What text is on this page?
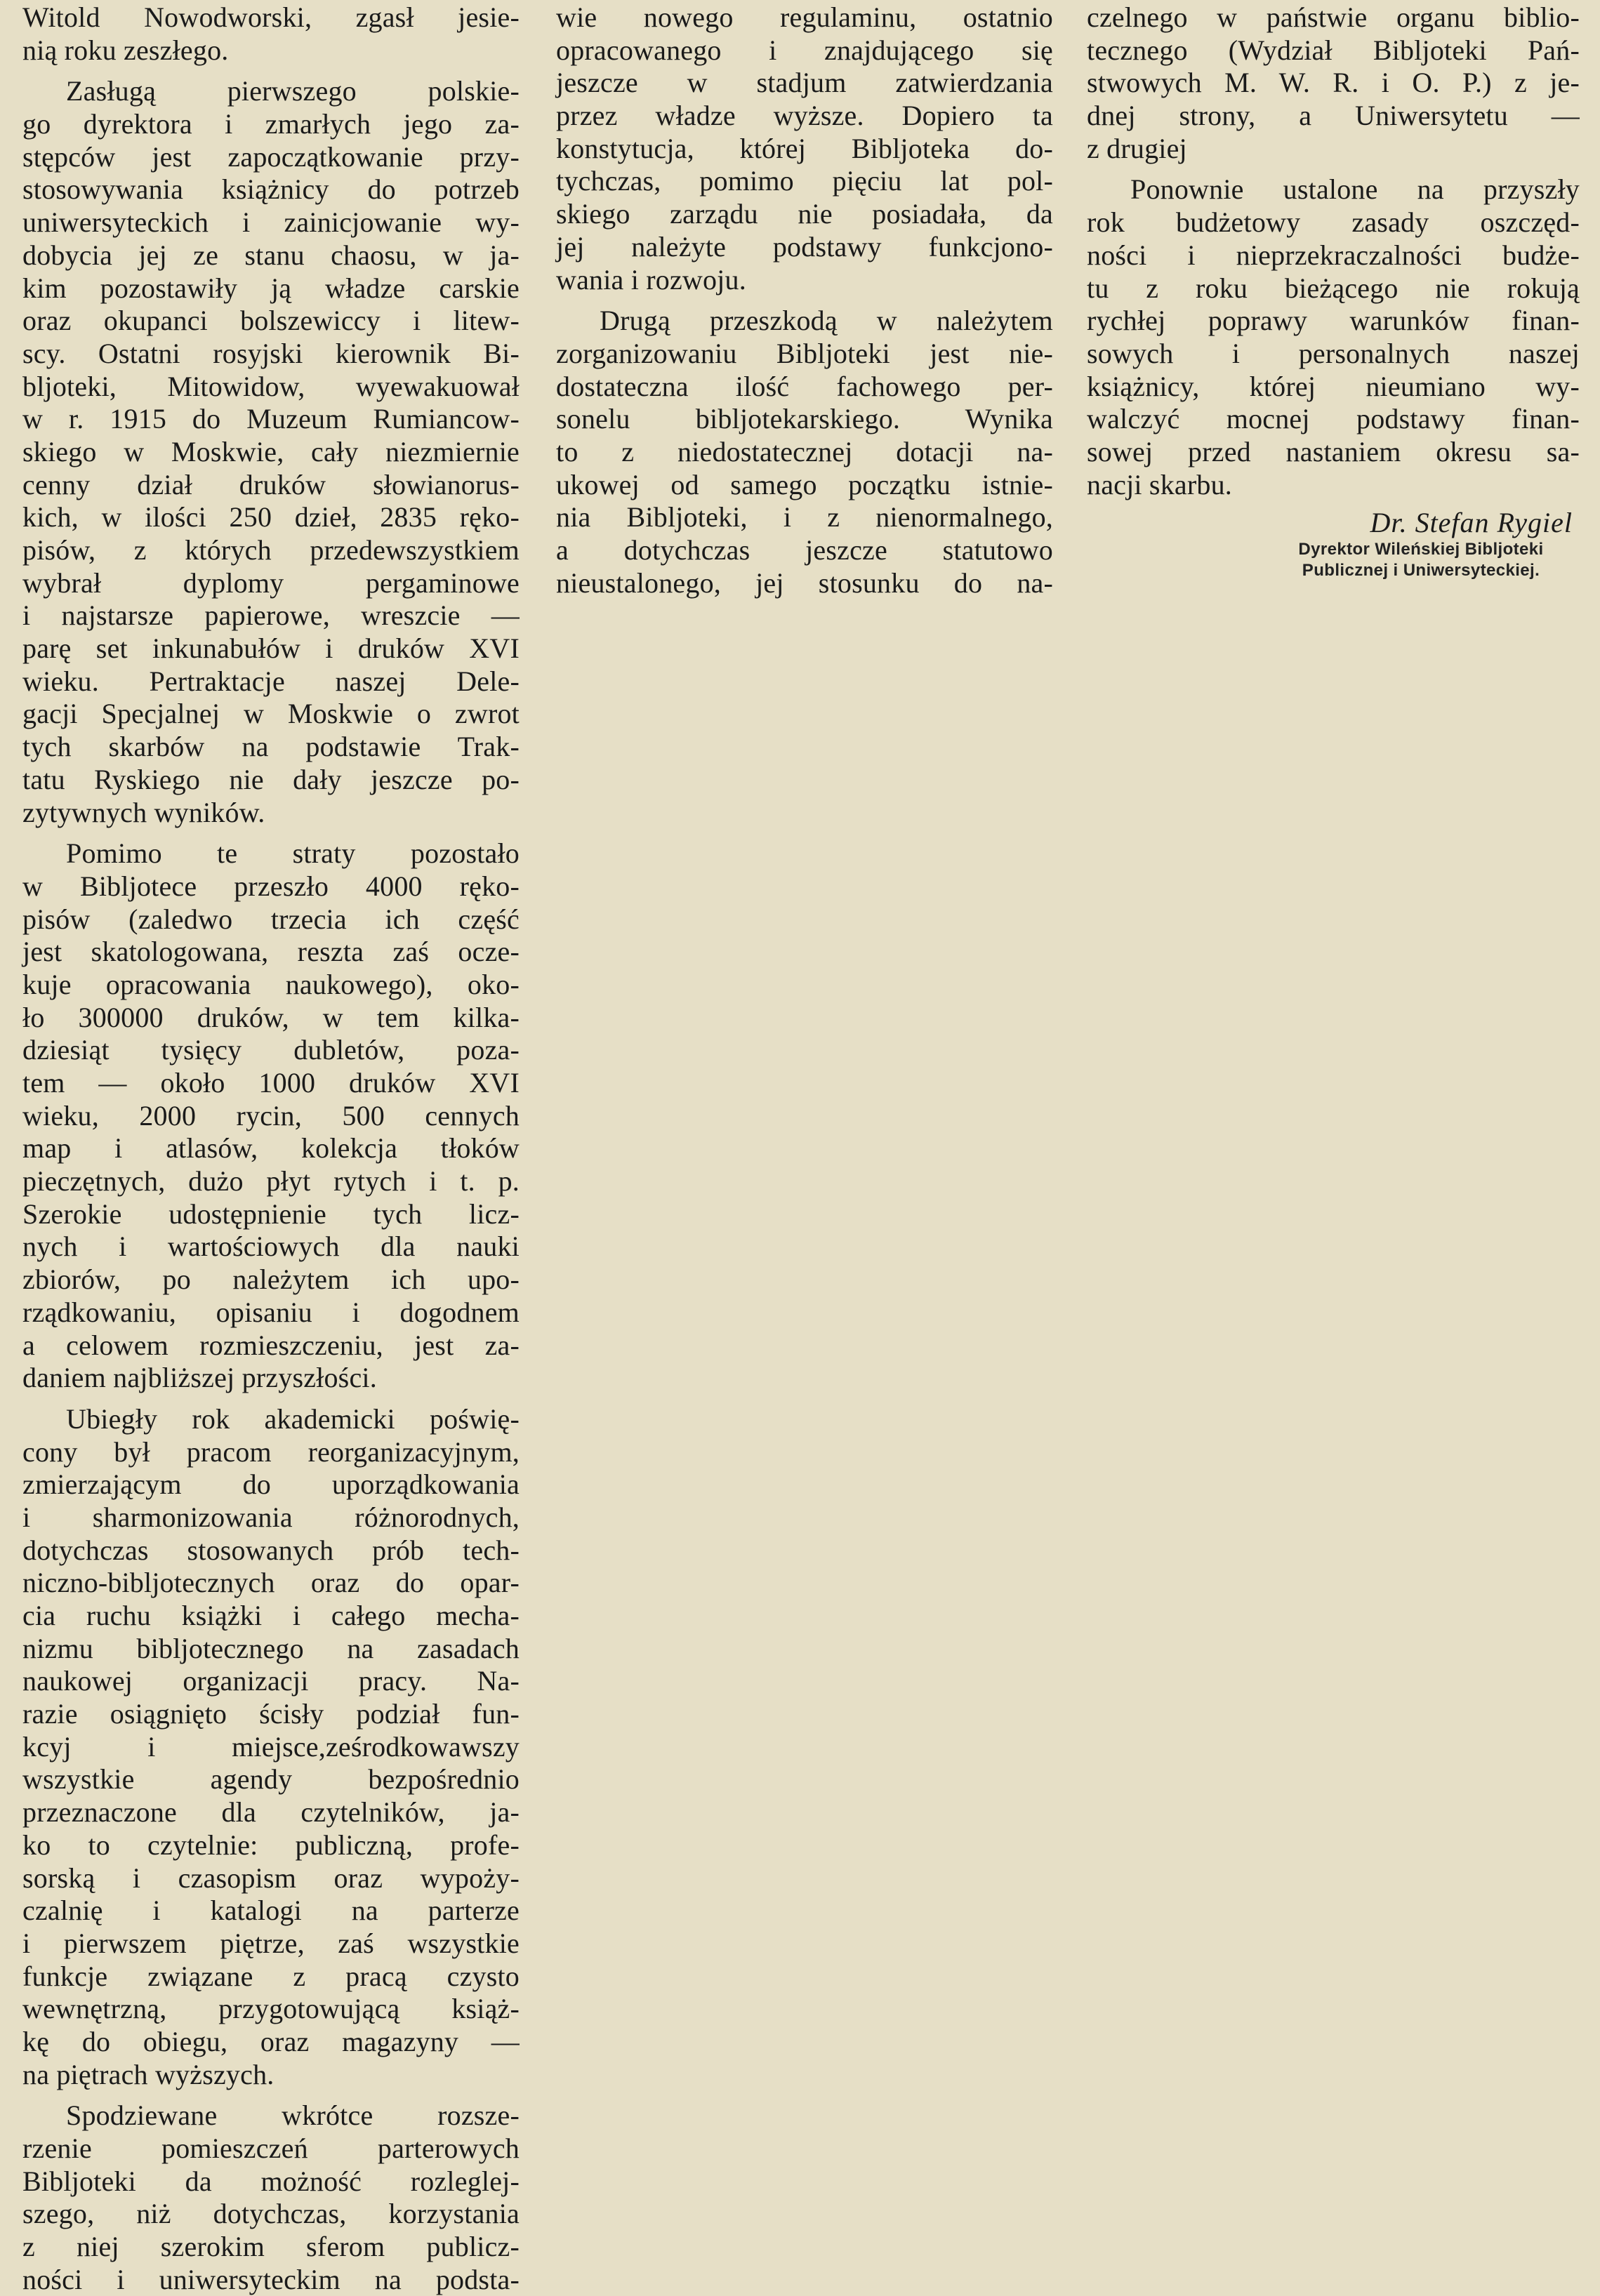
Witold Nowodworski, zgasł jesie-
nią roku zeszłego.
Zasługą pierwszego polskie-
go dyrektora i zmarłych jego za-
stępców jest zapoczątkowanie przy-
stosowywania książnicy do potrzeb
uniwersyteckich i zainicjowanie wy-
dobycia jej ze stanu chaosu, w ja-
kim pozostawiły ją władze carskie
oraz okupanci bolszewiccy i litew-
scy. Ostatni rosyjski kierownik Bi-
bljoteki, Mitowidow, wyewakuował
w r. 1915 do Muzeum Rumiancow-
skiego w Moskwie, cały niezmiernie
cenny dział druków słowianorus-
kich, w ilości 250 dzieł, 2835 ręko-
pisów, z których przedewszystkiem
wybrał dyplomy pergaminowe
i najstarsze papierowe, wreszcie —
parę set inkunabułów i druków XVI
wieku. Pertraktacje naszej Dele-
gacji Specjalnej w Moskwie o zwrot
tych skarbów na podstawie Trak-
tatu Ryskiego nie dały jeszcze po-
zytywnych wyników.
Pomimo te straty pozostało
w Bibljotece przeszło 4000 ręko-
pisów (zaledwo trzecia ich część
jest skatologowana, reszta zaś ocze-
kuje opracowania naukowego), oko-
ło 300000 druków, w tem kilka-
dziesiąt tysięcy dubletów, poza-
tem — około 1000 druków XVI
wieku, 2000 rycin, 500 cennych
map i atlasów, kolekcja tłoków
pieczętnych, dużo płyt rytych i t. p.
Szerokie udostępnienie tych licz-
nych i wartościowych dla nauki
zbiorów, po należytem ich upo-
rządkowaniu, opisaniu i dogodnem
a celowem rozmieszczeniu, jest za-
daniem najbliższej przyszłości.
Ubiegły rok akademicki poświę-
cony był pracom reorganizacyjnym,
zmierzającym do uporządkowania
i sharmonizowania różnorodnych,
dotychczas stosowanych prób tech-
niczno-bibljotecznych oraz do opar-
cia ruchu książki i całego mecha-
nizmu bibljotecznego na zasadach
naukowej organizacji pracy. Na-
razie osiągnięto ścisły podział fun-
kcyj i miejsce,ześrodkowawszy
wszystkie agendy bezpośrednio
przeznaczone dla czytelników, ja-
ko to czytelnie: publiczną, profe-
sorską i czasopism oraz wypoży-
czalnię i katalogi na parterze
i pierwszem piętrze, zaś wszystkie
funkcje związane z pracą czysto
wewnętrzną, przygotowującą książ-
kę do obiegu, oraz magazyny —
na piętrach wyższych.
Spodziewane wkrótce rozsze-
rzenie pomieszczeń parterowych
Bibljoteki da możność rozleglej-
szego, niż dotychczas, korzystania
z niej szerokim sferom publicz-
ności i uniwersyteckim na podsta-
wie nowego regulaminu, ostatnio
opracowanego i znajdującego się
jeszcze w stadjum zatwierdzania
przez władze wyższe. Dopiero ta
konstytucja, której Bibljoteka do-
tychczas, pomimo pięciu lat pol-
skiego zarządu nie posiadała, da
jej należyte podstawy funkcjono-
wania i rozwoju.
Drugą przeszkodą w należytem
zorganizowaniu Bibljoteki jest nie-
dostateczna ilość fachowego per-
sonelu bibljotekarskiego. Wynika
to z niedostatecznej dotacji na-
ukowej od samego początku istnie-
nia Bibljoteki, i z nienormalnego,
a dotychczas jeszcze statutowo
nieustalonego, jej stosunku do na-
czelnego w państwie organu biblio-
tecznego (Wydział Bibljoteki Pań-
stwowych M. W. R. i O. P.) z je-
dnej strony, a Uniwersytetu —
z drugiej
Ponownie ustalone na przyszły
rok budżetowy zasady oszczęd-
ności i nieprzekraczalności budże-
tu z roku bieżącego nie rokują
rychłej poprawy warunków finan-
sowych i personalnych naszej
książnicy, której nieumiano wy-
walczyć mocnej podstawy finan-
sowej przed nastaniem okresu sa-
nacji skarbu.
Dr. Stefan Rygiel
Dyrektor Wileńskiej Bibljoteki
Publicznej i Uniwersyteckiej.
